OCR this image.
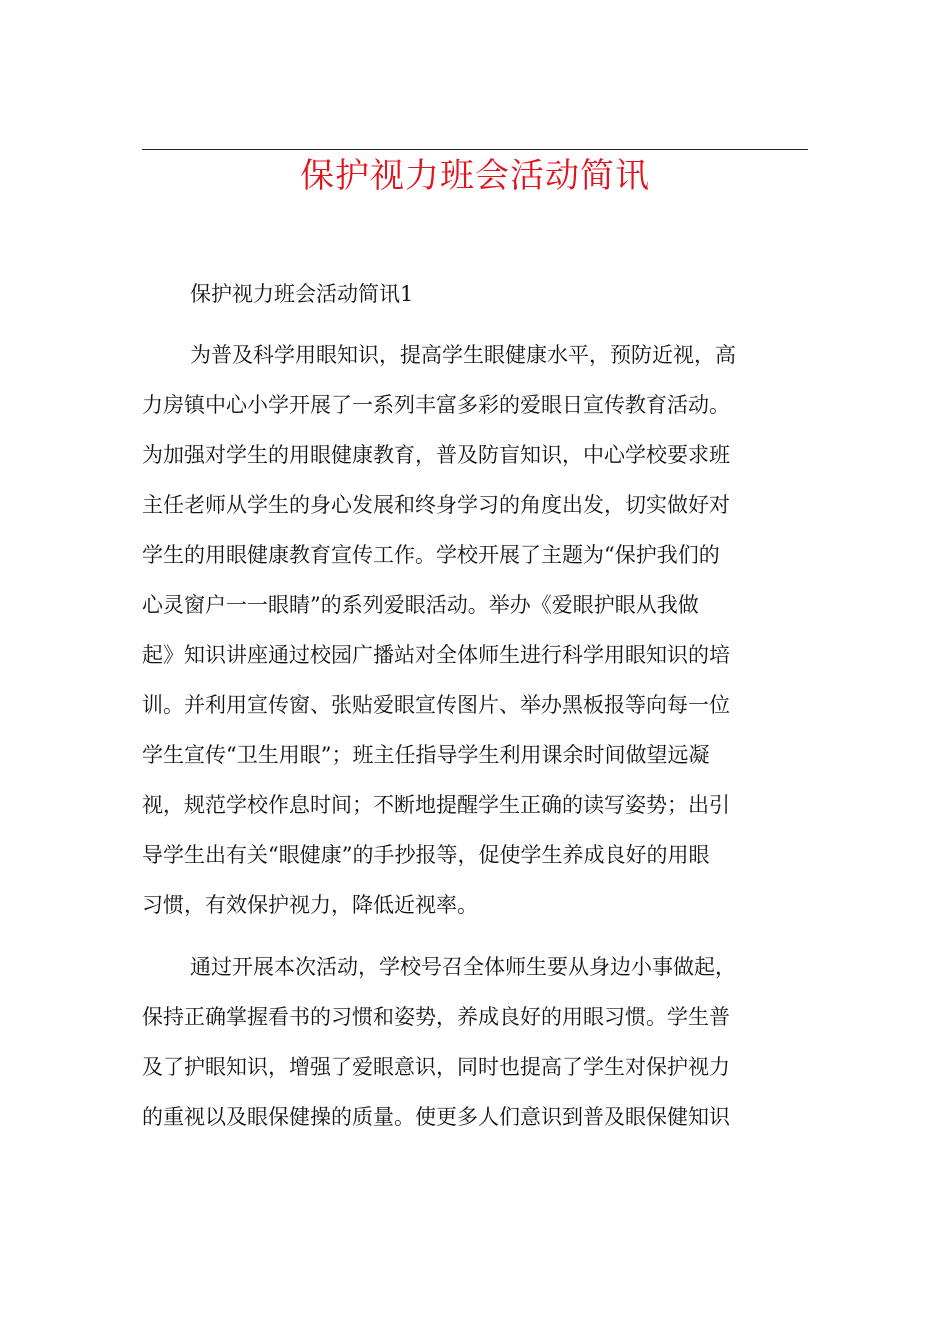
保护视力班会活动简讯
保护视力班会活动简讯1

为普及科学用眼知识，提高学生眼健康水平，预防近视，高
力房镇中心小学开展了一系列丰富多彩的爱眼日宣传教育活动。
为加强对学生的用眼健康教育，普及防盲知识，中心学校要求班
主任老师从学生的身心发展和终身学习的角度出发，切实做好对
学生的用眼健康教育宣传工作。学校开展了主题为“保护我们的
心灵窗户一一眼睛”的系列爱眼活动。举办《爱眼护眼从我做
起》知识讲座通过校园广播站对全体师生进行科学用眼知识的培
训。并利用宣传窗、张贴爱眼宣传图片、举办黑板报等向每一位
学生宣传“卫生用眼”；班主任指导学生利用课余时间做望远凝
视，规范学校作息时间；不断地提醒学生正确的读写姿势；出引
导学生出有关“眼健康”的手抄报等，促使学生养成良好的用眼
习惯，有效保护视力，降低近视率。

通过开展本次活动，学校号召全体师生要从身边小事做起，
保持正确掌握看书的习惯和姿势，养成良好的用眼习惯。学生普
及了护眼知识，增强了爱眼意识，同时也提高了学生对保护视力
的重视以及眼保健操的质量。使更多人们意识到普及眼保健知识
